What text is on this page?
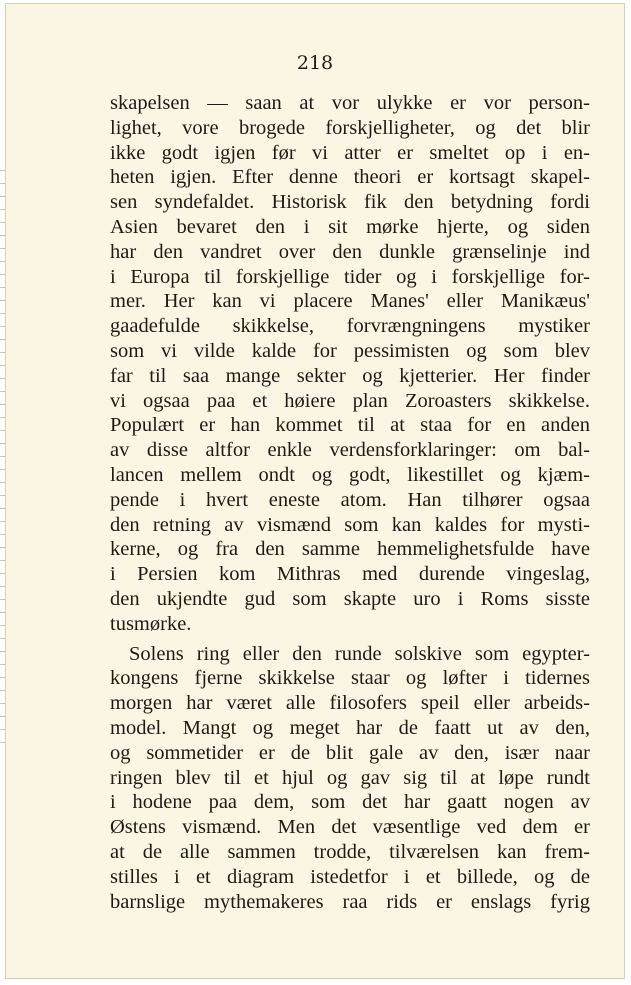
218
skapelsen — saan at vor ulykke er vor person-
lighet, vore brogede forskjelligheter, og det blir
ikke godt igjen før vi atter er smeltet op i en-
heten igjen. Efter denne theori er kortsagt skapel-
sen syndefaldet. Historisk fik den betydning fordi
Asien bevaret den i sit mørke hjerte, og siden
har den vandret over den dunkle grænselinje ind
i Europa til forskjellige tider og i forskjellige for-
mer. Her kan vi placere Manes' eller Manikæus'
gaadefulde skikkelse, forvrængningens mystiker
som vi vilde kalde for pessimisten og som blev
far til saa mange sekter og kjetterier. Her finder
vi ogsaa paa et høiere plan Zoroasters skikkelse.
Populært er han kommet til at staa for en anden
av disse altfor enkle verdensforklaringer: om bal-
lancen mellem ondt og godt, likestillet og kjæm-
pende i hvert eneste atom. Han tilhører ogsaa
den retning av vismænd som kan kaldes for mysti-
kerne, og fra den samme hemmelighetsfulde have
i Persien kom Mithras med durende vingeslag,
den ukjendte gud som skapte uro i Roms sisste
tusmørke.
Solens ring eller den runde solskive som egypter-
kongens fjerne skikkelse staar og løfter i tidernes
morgen har været alle filosofers speil eller arbeids-
model. Mangt og meget har de faatt ut av den,
og sommetider er de blit gale av den, især naar
ringen blev til et hjul og gav sig til at løpe rundt
i hodene paa dem, som det har gaatt nogen av
Østens vismænd. Men det væsentlige ved dem er
at de alle sammen trodde, tilværelsen kan frem-
stilles i et diagram istedetfor i et billede, og de
barnslige mythemakeres raa rids er enslags fyrig
